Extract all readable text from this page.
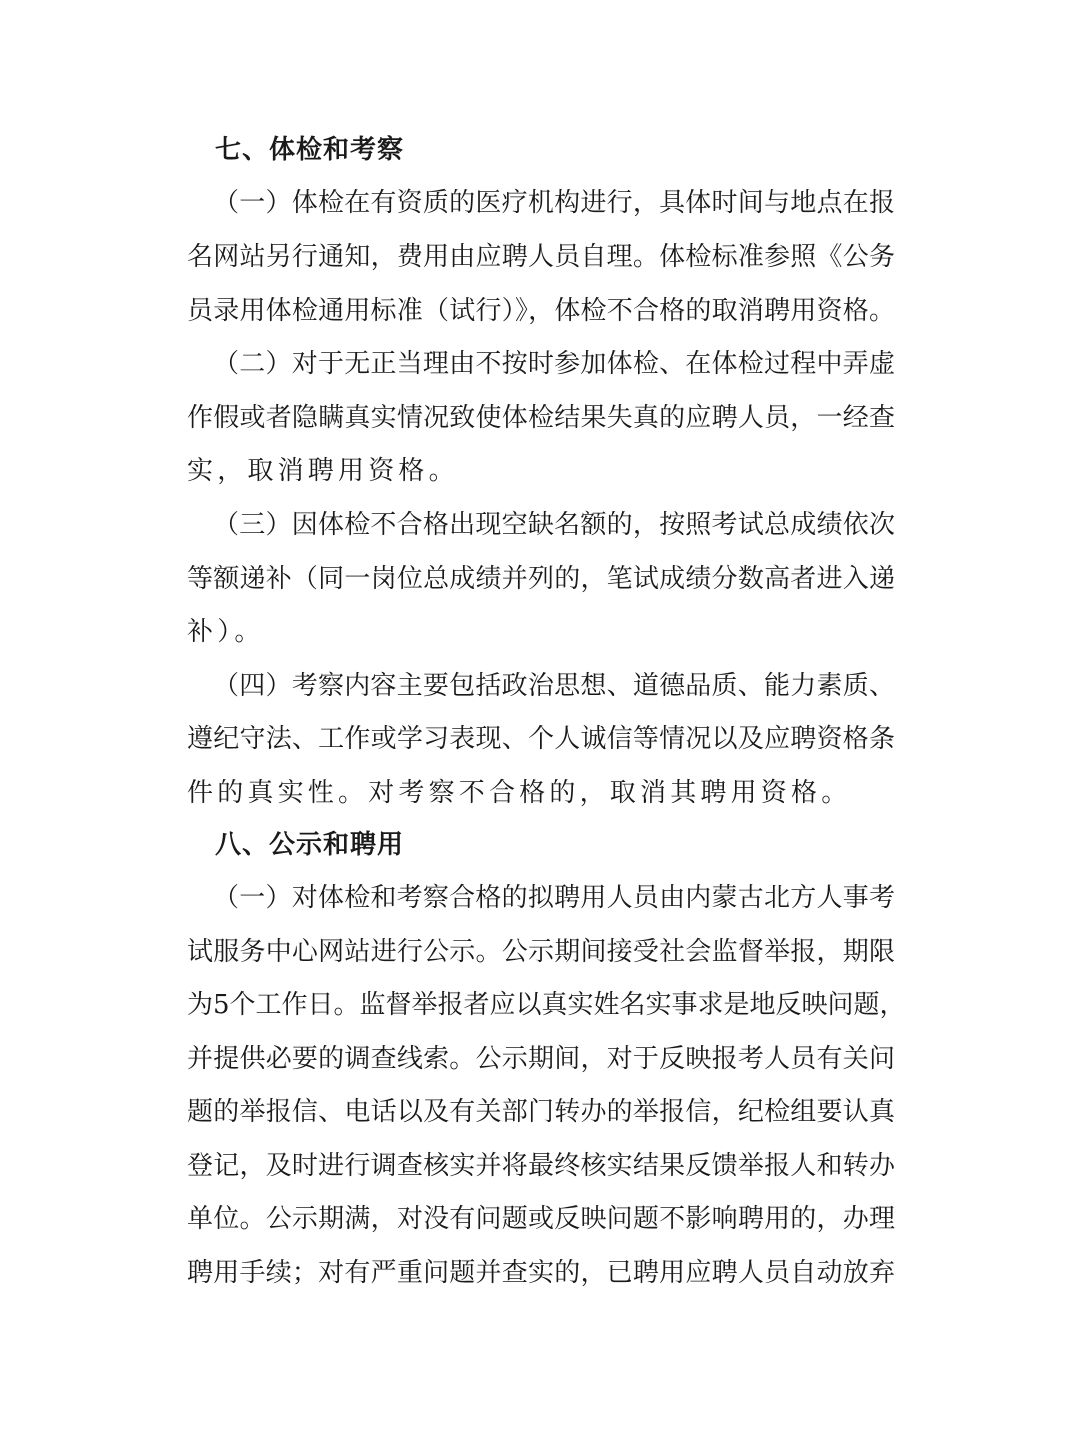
七、体检和考察
（一）体检在有资质的医疗机构进行，具体时间与地点在报
名网站另行通知，费用由应聘人员自理。体检标准参照《公务
员录用体检通用标准（试行）》，体检不合格的取消聘用资格。
（二）对于无正当理由不按时参加体检、在体检过程中弄虚
作假或者隐瞒真实情况致使体检结果失真的应聘人员，一经查
实，取消聘用资格。
（三）因体检不合格出现空缺名额的，按照考试总成绩依次
等额递补（同一岗位总成绩并列的，笔试成绩分数高者进入递
补）。
（四）考察内容主要包括政治思想、道德品质、能力素质、
遵纪守法、工作或学习表现、个人诚信等情况以及应聘资格条
件的真实性。对考察不合格的，取消其聘用资格。
八、公示和聘用
（一）对体检和考察合格的拟聘用人员由内蒙古北方人事考
试服务中心网站进行公示。公示期间接受社会监督举报，期限
为5个工作日。监督举报者应以真实姓名实事求是地反映问题，
并提供必要的调查线索。公示期间，对于反映报考人员有关问
题的举报信、电话以及有关部门转办的举报信，纪检组要认真
登记，及时进行调查核实并将最终核实结果反馈举报人和转办
单位。公示期满，对没有问题或反映问题不影响聘用的，办理
聘用手续；对有严重问题并查实的，已聘用应聘人员自动放弃
